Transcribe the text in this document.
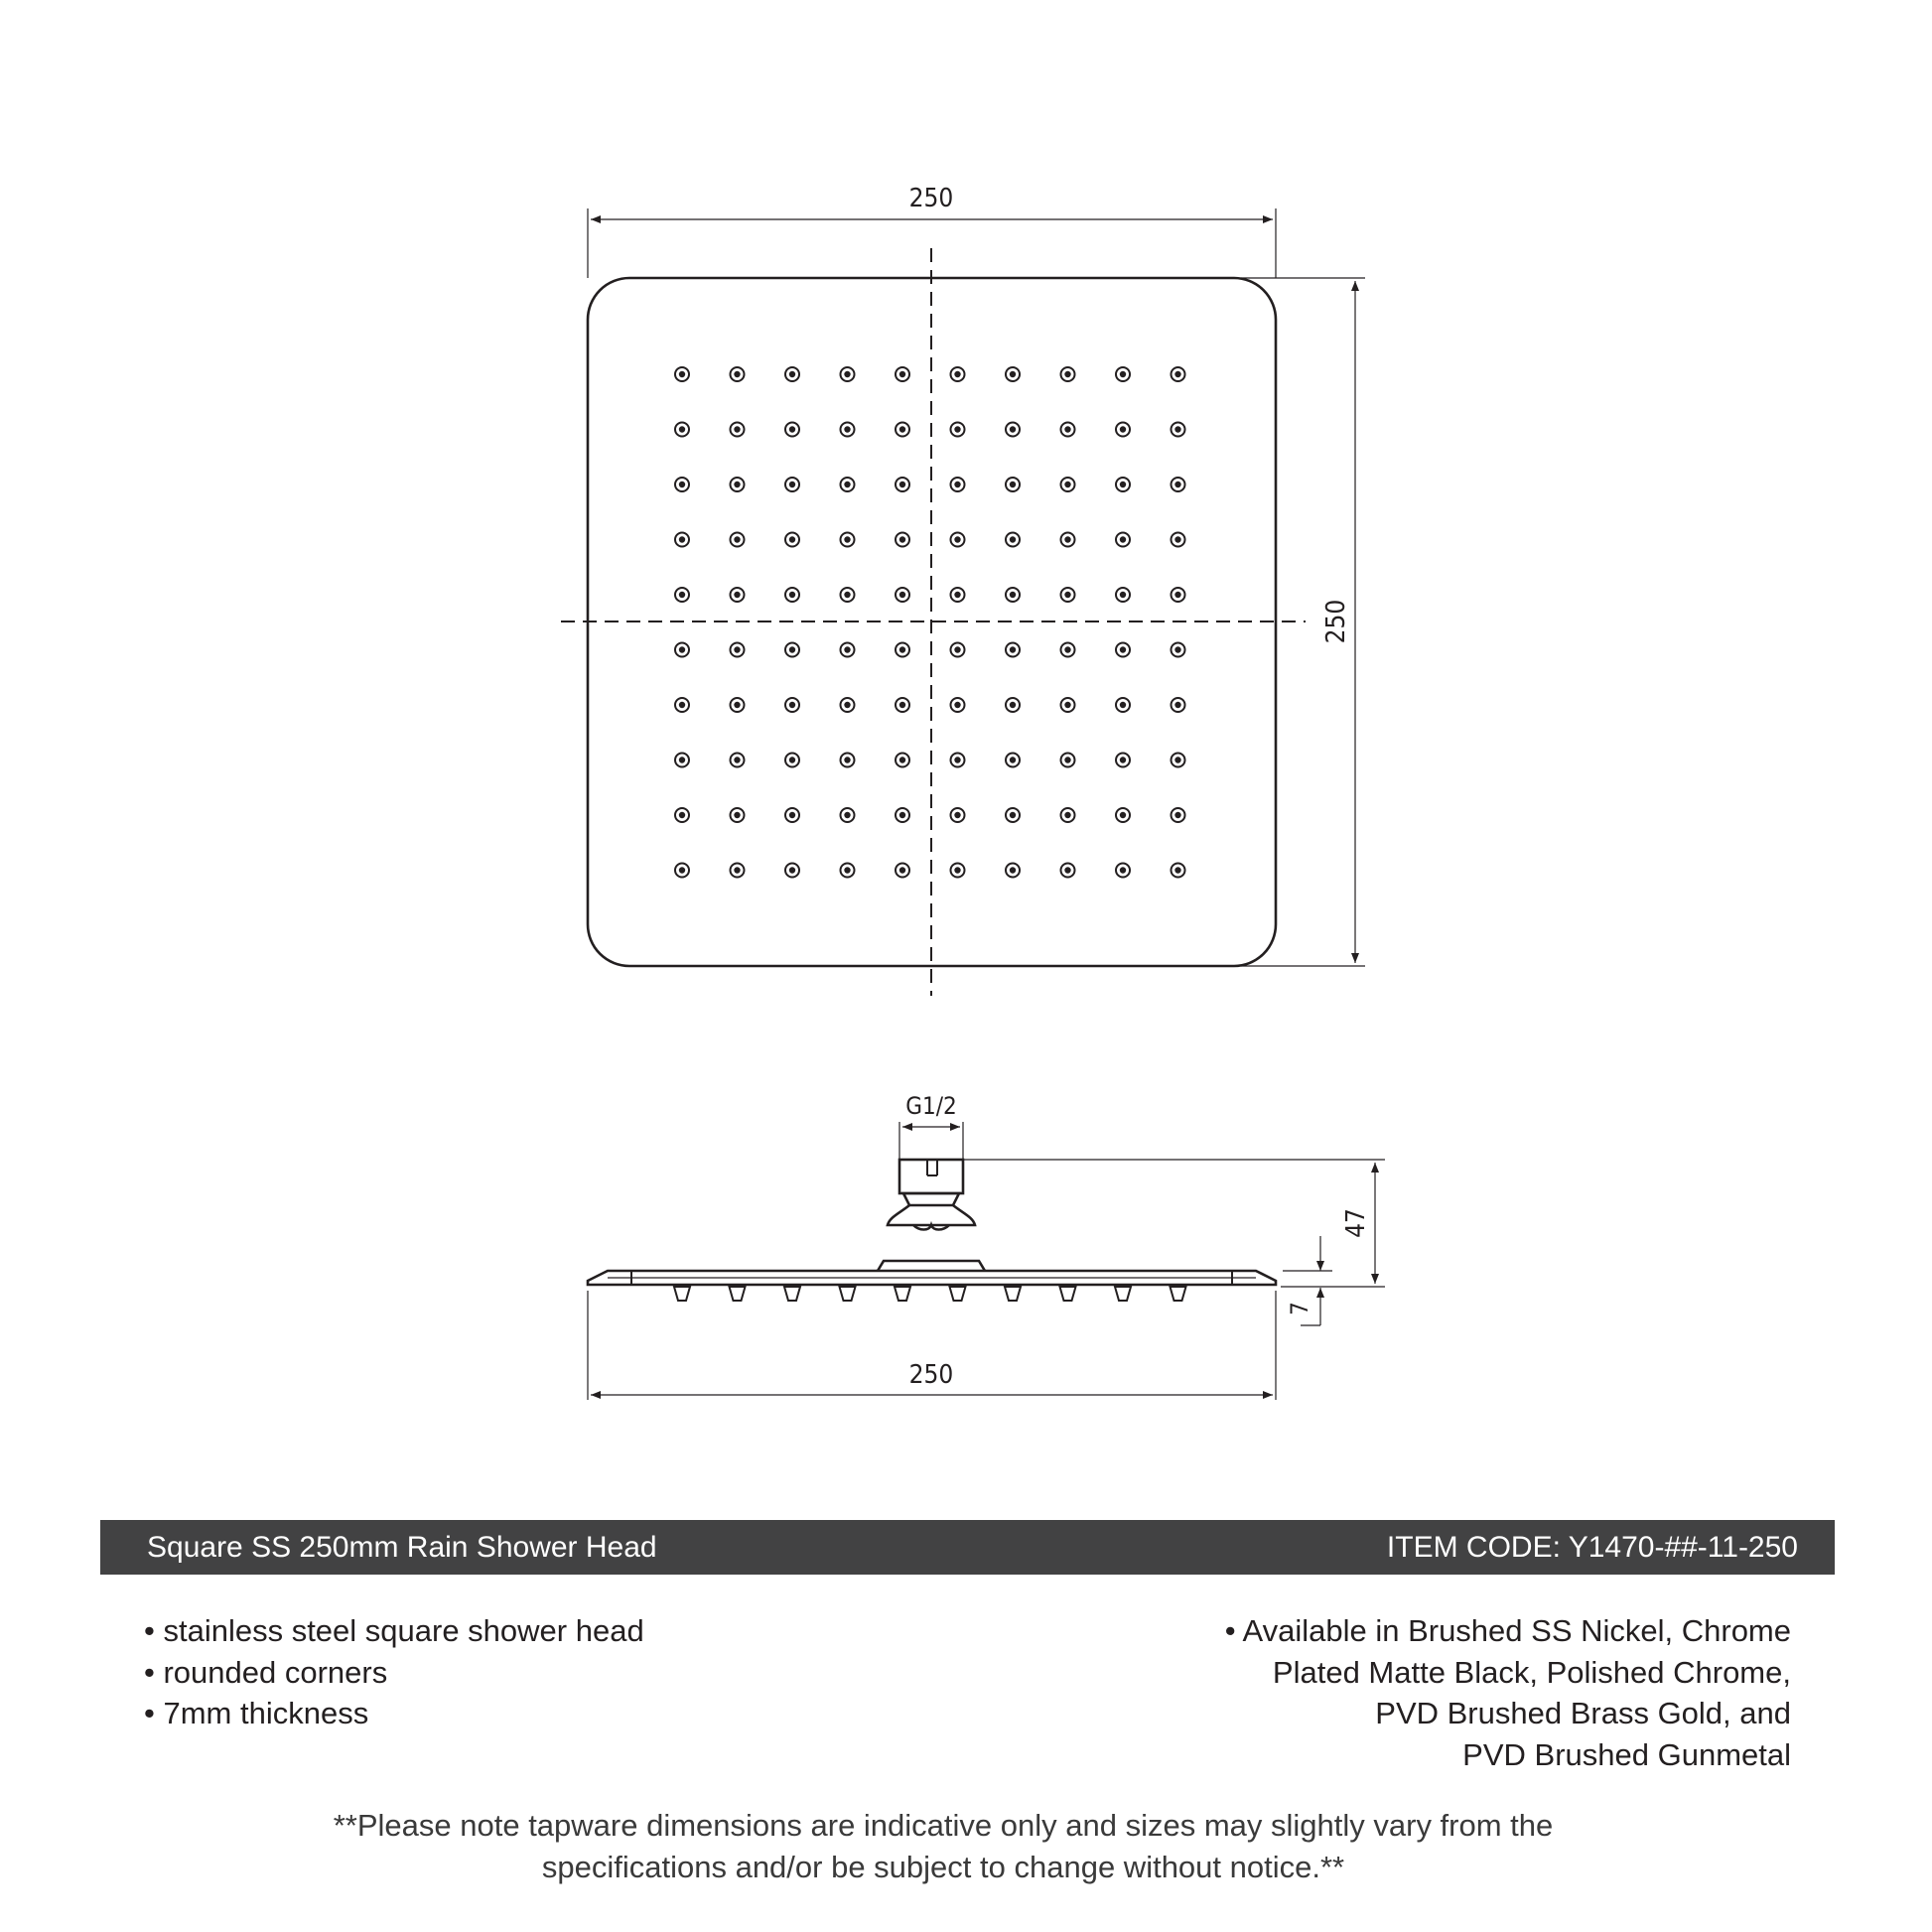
250
250
G1/2
47
7
250
Square SS 250mm Rain Shower Head	ITEM CODE: Y1470-##-11-250
• stainless steel square shower head
• rounded corners
• 7mm thickness
• Available in Brushed SS Nickel, Chrome
Plated Matte Black, Polished Chrome,
PVD Brushed Brass Gold, and
PVD Brushed Gunmetal
**Please note tapware dimensions are indicative only and sizes may slightly vary from the
specifications and/or be subject to change without notice.**
